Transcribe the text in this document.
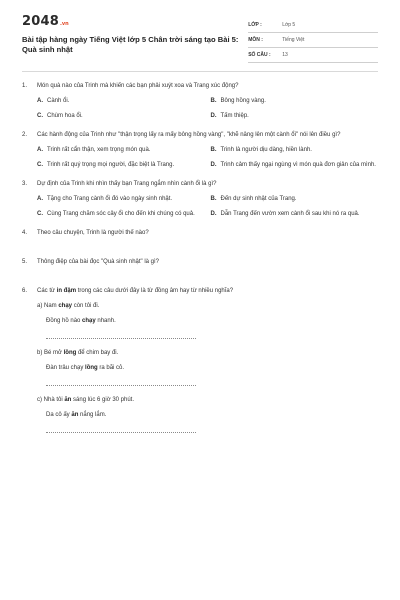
2048 .vn
Bài tập hàng ngày Tiếng Việt lớp 5 Chân trời sáng tạo Bài 5: Quà sinh nhật
LỚP :	Lớp 5
MÔN :	Tiếng Việt
SỐ CÂU :	13
1.	Món quà nào của Trinh mà khiến các bạn phải xuýt xoa và Trang xúc động?
A. Cành ổi.	B. Bông hồng vàng.
C. Chùm hoa ổi.	D. Tấm thiệp.
2.	Các hành động của Trinh như "thận trọng lấy ra mấy bông hồng vàng", "khẽ nâng lên một cành ổi" nói lên điều gì?
A. Trinh rất cẩn thận, xem trọng món quà.	B. Trinh là người dịu dàng, hiền lành.
C. Trinh rất quý trọng mọi người, đặc biệt là Trang.	D. Trinh cảm thấy ngại ngùng vì món quà đơn giản của mình.
3.	Dự định của Trinh khi nhìn thấy bạn Trang ngắm nhìn cành ổi là gì?
A. Tặng cho Trang cành ổi đó vào ngày sinh nhật.	B. Đến dự sinh nhật của Trang.
C. Cùng Trang chăm sóc cây ổi cho đến khi chúng có quả.	D. Dẫn Trang đến vườn xem cành ổi sau khi nó ra quả.
4.	Theo câu chuyện, Trinh là người thế nào?
5.	Thông điệp của bài đọc "Quà sinh nhật" là gì?
6.	Các từ in đậm trong các câu dưới đây là từ đồng âm hay từ nhiều nghĩa?
a) Nam chạy còn tôi đi.
Đồng hồ nào chạy nhanh.
b) Bé mở lồng để chim bay đi.
Đàn trâu chạy lồng ra bãi cỏ.
c) Nhà tôi ăn sáng lúc 6 giờ 30 phút.
Da cô ấy ăn nắng lắm.
